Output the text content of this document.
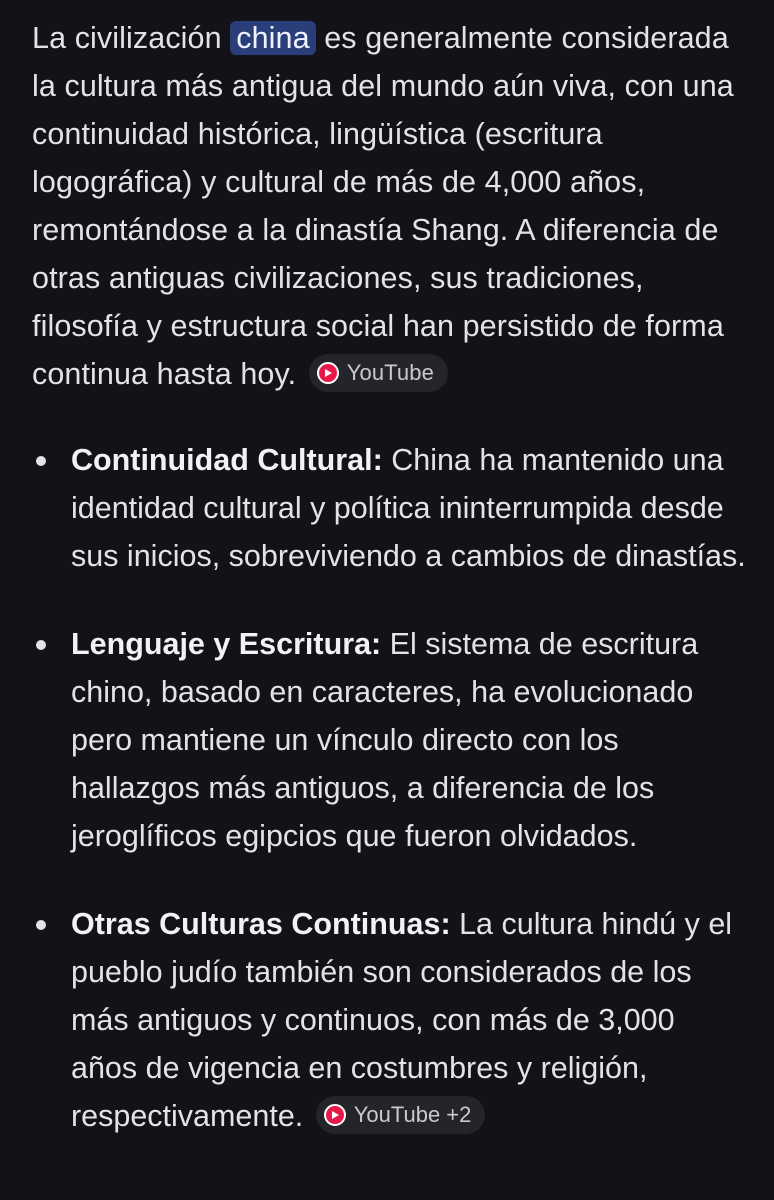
La civilización china es generalmente considerada la cultura más antigua del mundo aún viva, con una continuidad histórica, lingüística (escritura logográfica) y cultural de más de 4,000 años, remontándose a la dinastía Shang. A diferencia de otras antiguas civilizaciones, sus tradiciones, filosofía y estructura social han persistido de forma continua hasta hoy. YouTube

Continuidad Cultural: China ha mantenido una identidad cultural y política ininterrumpida desde sus inicios, sobreviviendo a cambios de dinastías.
Lenguaje y Escritura: El sistema de escritura chino, basado en caracteres, ha evolucionado pero mantiene un vínculo directo con los hallazgos más antiguos, a diferencia de los jeroglíficos egipcios que fueron olvidados.
Otras Culturas Continuas: La cultura hindú y el pueblo judío también son considerados de los más antiguos y continuos, con más de 3,000 años de vigencia en costumbres y religión, respectivamente. YouTube +2
